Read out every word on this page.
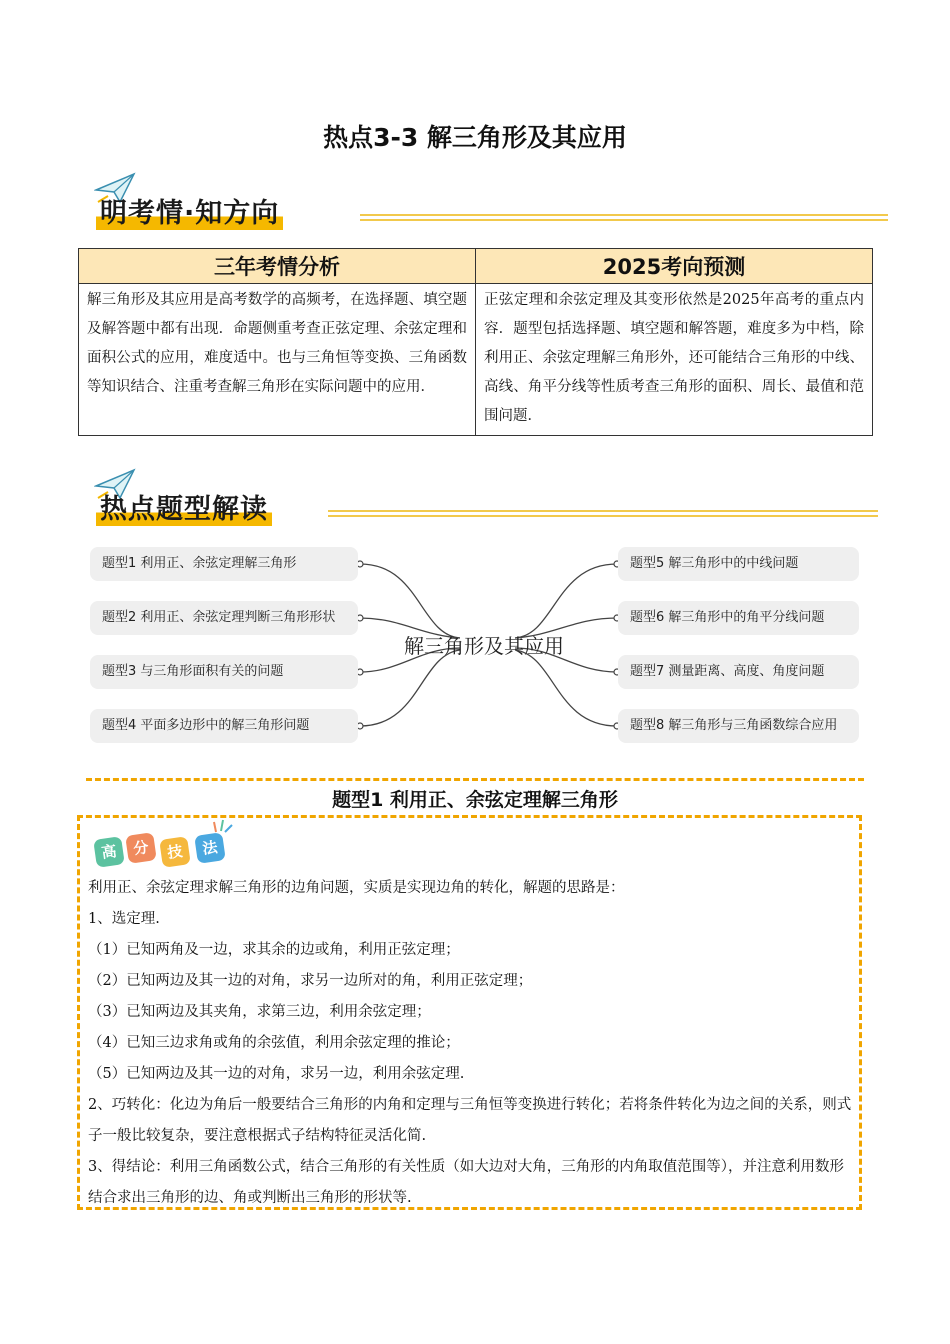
热点3-3 解三角形及其应用
明考情·知方向
三年考情分析	2025考向预测
解三角形及其应用是高考数学的高频考，在选择题、填空题及解答题中都有出现．命题侧重考查正弦定理、余弦定理和面积公式的应用，难度适中。也与三角恒等变换、三角函数等知识结合、注重考查解三角形在实际问题中的应用．	正弦定理和余弦定理及其变形依然是2025年高考的重点内容．题型包括选择题、填空题和解答题，难度多为中档，除利用正、余弦定理解三角形外，还可能结合三角形的中线、高线、角平分线等性质考查三角形的面积、周长、最值和范围问题．
热点题型解读
题型1 利用正、余弦定理解三角形
题型2 利用正、余弦定理判断三角形形状
题型3 与三角形面积有关的问题
题型4 平面多边形中的解三角形问题
解三角形及其应用
题型5 解三角形中的中线问题
题型6 解三角形中的角平分线问题
题型7 测量距离、高度、角度问题
题型8 解三角形与三角函数综合应用
题型1 利用正、余弦定理解三角形
高 分	技	法

利用正、余弦定理求解三角形的边角问题，实质是实现边角的转化，解题的思路是：

1、选定理.

（1）已知两角及一边，求其余的边或角，利用正弦定理；

（2）已知两边及其一边的对角，求另一边所对的角，利用正弦定理；

（3）已知两边及其夹角，求第三边，利用余弦定理；

（4）已知三边求角或角的余弦值，利用余弦定理的推论；

（5）已知两边及其一边的对角，求另一边，利用余弦定理.

2、巧转化：化边为角后一般要结合三角形的内角和定理与三角恒等变换进行转化；若将条件转化为边之间的关系，则式子一般比较复杂，要注意根据式子结构特征灵活化简.

3、得结论：利用三角函数公式，结合三角形的有关性质（如大边对大角，三角形的内角取值范围等），并注意利用数形结合求出三角形的边、角或判断出三角形的形状等.
